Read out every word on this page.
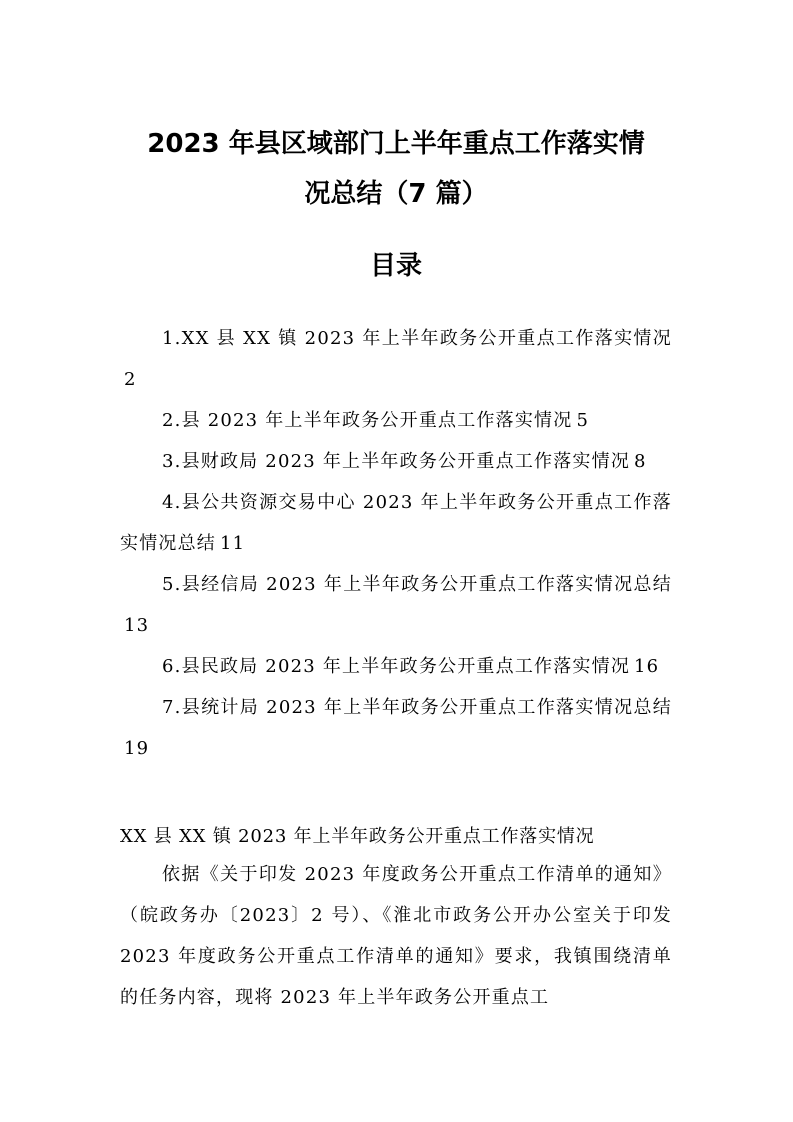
2023 年县区域部门上半年重点工作落实情
况总结（7 篇）
目录
1.XX 县 XX 镇 2023 年上半年政务公开重点工作落实情况2
2.县 2023 年上半年政务公开重点工作落实情况 5
3.县财政局 2023 年上半年政务公开重点工作落实情况 8
4.县公共资源交易中心 2023 年上半年政务公开重点工作落实情况总结 11
5.县经信局 2023 年上半年政务公开重点工作落实情况总结13
6.县民政局 2023 年上半年政务公开重点工作落实情况 16
7.县统计局 2023 年上半年政务公开重点工作落实情况总结19

XX 县 XX 镇 2023 年上半年政务公开重点工作落实情况

依据《关于印发 2023 年度政务公开重点工作清单的通知》（皖政务办〔2023〕2 号）、《淮北市政务公开办公室关于印发 2023 年度政务公开重点工作清单的通知》要求，我镇围绕清单的任务内容，现将 2023 年上半年政务公开重点工
